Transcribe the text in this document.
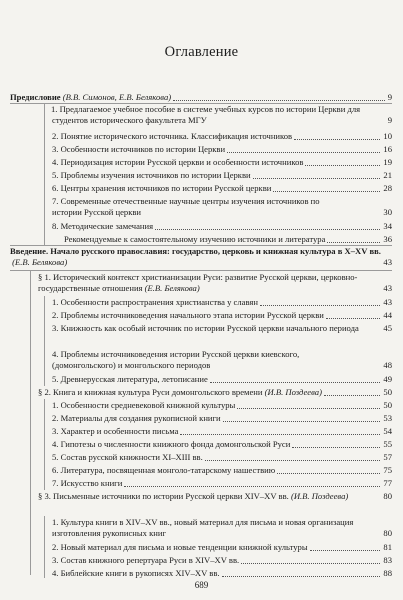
Оглавление
Предисловие (В.В. Симонов, Е.В. Белякова)	9
1. Предлагаемое учебное пособие в системе учебных курсов по истории Церкви для студентов исторического факультета МГУ	9
2. Понятие исторического источника. Классификация источников	10
3. Особенности источников по истории Церкви	16
4. Периодизация истории Русской церкви и особенности источников	19
5. Проблемы изучения источников по истории Церкви	21
6. Центры хранения источников по истории Русской церкви	28
7. Современные отечественные научные центры изучения источников по истории Русской церкви	30
8. Методические замечания	34
Рекомендуемые к самостоятельному изучению источники и литература	36
Введение. Начало русского православия: государство, церковь и книжная культура в X–XV вв. (Е.В. Белякова)	43
§ 1. Исторический контекст христианизации Руси: развитие Русской церкви, церковно-государственные отношения (Е.В. Белякова)	43
1. Особенности распространения христианства у славян	43
2. Проблемы источниковедения начального этапа истории Русской церкви	44
3. Книжность как особый источник по истории Русской церкви начального периода	45
4. Проблемы источниковедения истории Русской церкви киевского, (домонгольского) и монгольского периодов	48
5. Древнерусская литература, летописание	49
§ 2. Книга и книжная культура Руси домонгольского времени (И.В. Поздеева)	50
1. Особенности средневековой книжной культуры	50
2. Материалы для создания рукописной книги	53
3. Характер и особенности письма	54
4. Гипотезы о численности книжного фонда домонгольской Руси	55
5. Состав русской книжности XI–XIII вв.	57
6. Литература, посвященная монголо-татарскому нашествию	75
7. Искусство книги	77
§ 3. Письменные источники по истории Русской церкви XIV–XV вв. (И.В. Поздеева)	80
1. Культура книги в XIV–XV вв., новый материал для письма и новая организация изготовления рукописных книг	80
2. Новый материал для письма и новые тенденции книжной культуры	81
3. Состав книжного репертуара Руси в XIV–XV вв.	83
4. Библейские книги в рукописях XIV–XV вв.	88
689
